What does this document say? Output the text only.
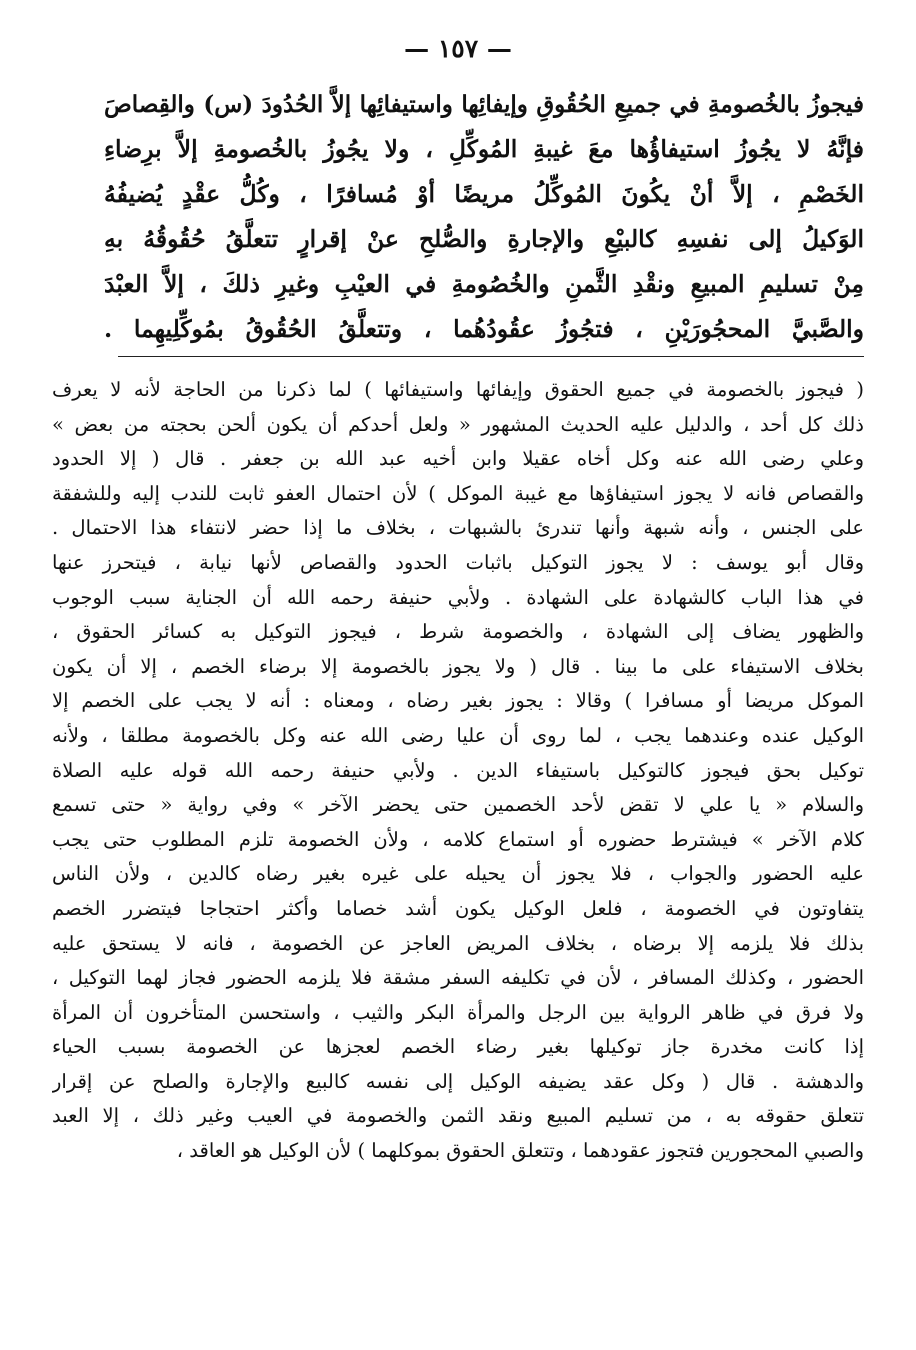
— ١٥٧ —
فيجوزُ بالخُصومةِ في جميعِ الحُقُوقِ وإيفائِها واستيفائِها إلاَّ الحُدُودَ (س) والقِصاصَ
فإنَّهُ لا يجُوزُ استيفاؤُها معَ غيبةِ المُوكِّلِ ، ولا يجُوزُ بالخُصومةِ إلاَّ برِضاءِ
الخَصْمِ ، إلاَّ أنْ يكُونَ المُوكِّلُ مريضًا أوْ مُسافرًا ، وكُلُّ عقْدٍ يُضيفُهُ
الوَكيلُ إلى نفسِهِ كالبيْعِ والإجارةِ والصُّلحِ عنْ إقرارٍ تتعلَّقُ حُقُوقُهُ بهِ
مِنْ تسليمِ المبيعِ ونقْدِ الثَّمنِ والخُصُومةِ في العيْبِ وغيرِ ذلكَ ، إلاَّ العبْدَ
والصَّبيَّ المحجُورَيْنِ ، فتجُوزُ عقُودُهُما ، وتتعلَّقُ الحُقُوقُ بمُوكِّلِيهِما .
( فيجوز بالخصومة في جميع الحقوق وإيفائها واستيفائها ) لما ذكرنا من الحاجة لأنه لا يعرف
ذلك كل أحد ، والدليل عليه الحديث المشهور « ولعل أحدكم أن يكون ألحن بحجته من بعض »
وعلي رضى الله عنه وكل أخاه عقيلا وابن أخيه عبد الله بن جعفر . قال ( إلا الحدود
والقصاص فانه لا يجوز استيفاؤها مع غيبة الموكل ) لأن احتمال العفو ثابت للندب إليه وللشفقة
على الجنس ، وأنه شبهة وأنها تندرئ بالشبهات ، بخلاف ما إذا حضر لانتفاء هذا الاحتمال .
وقال أبو يوسف : لا يجوز التوكيل باثبات الحدود والقصاص لأنها نيابة ، فيتحرز عنها
في هذا الباب كالشهادة على الشهادة . ولأبي حنيفة رحمه الله أن الجناية سبب الوجوب
والظهور يضاف إلى الشهادة ، والخصومة شرط ، فيجوز التوكيل به كسائر الحقوق ،
بخلاف الاستيفاء على ما بينا . قال ( ولا يجوز بالخصومة إلا برضاء الخصم ، إلا أن يكون
الموكل مريضا أو مسافرا ) وقالا : يجوز بغير رضاه ، ومعناه : أنه لا يجب على الخصم إلا
الوكيل عنده وعندهما يجب ، لما روى أن عليا رضى الله عنه وكل بالخصومة مطلقا ، ولأنه
توكيل بحق فيجوز كالتوكيل باستيفاء الدين . ولأبي حنيفة رحمه الله قوله عليه الصلاة
والسلام « يا علي لا تقض لأحد الخصمين حتى يحضر الآخر » وفي رواية « حتى تسمع
كلام الآخر » فيشترط حضوره أو استماع كلامه ، ولأن الخصومة تلزم المطلوب حتى يجب
عليه الحضور والجواب ، فلا يجوز أن يحيله على غيره بغير رضاه كالدين ، ولأن الناس
يتفاوتون في الخصومة ، فلعل الوكيل يكون أشد خصاما وأكثر احتجاجا فيتضرر الخصم
بذلك فلا يلزمه إلا برضاه ، بخلاف المريض العاجز عن الخصومة ، فانه لا يستحق عليه
الحضور ، وكذلك المسافر ، لأن في تكليفه السفر مشقة فلا يلزمه الحضور فجاز لهما التوكيل ،
ولا فرق في ظاهر الرواية بين الرجل والمرأة البكر والثيب ، واستحسن المتأخرون أن المرأة
إذا كانت مخدرة جاز توكيلها بغير رضاء الخصم لعجزها عن الخصومة بسبب الحياء
والدهشة . قال ( وكل عقد يضيفه الوكيل إلى نفسه كالبيع والإجارة والصلح عن إقرار
تتعلق حقوقه به ، من تسليم المبيع ونقد الثمن والخصومة في العيب وغير ذلك ، إلا العبد
والصبي المحجورين فتجوز عقودهما ، وتتعلق الحقوق بموكلهما ) لأن الوكيل هو العاقد ،
